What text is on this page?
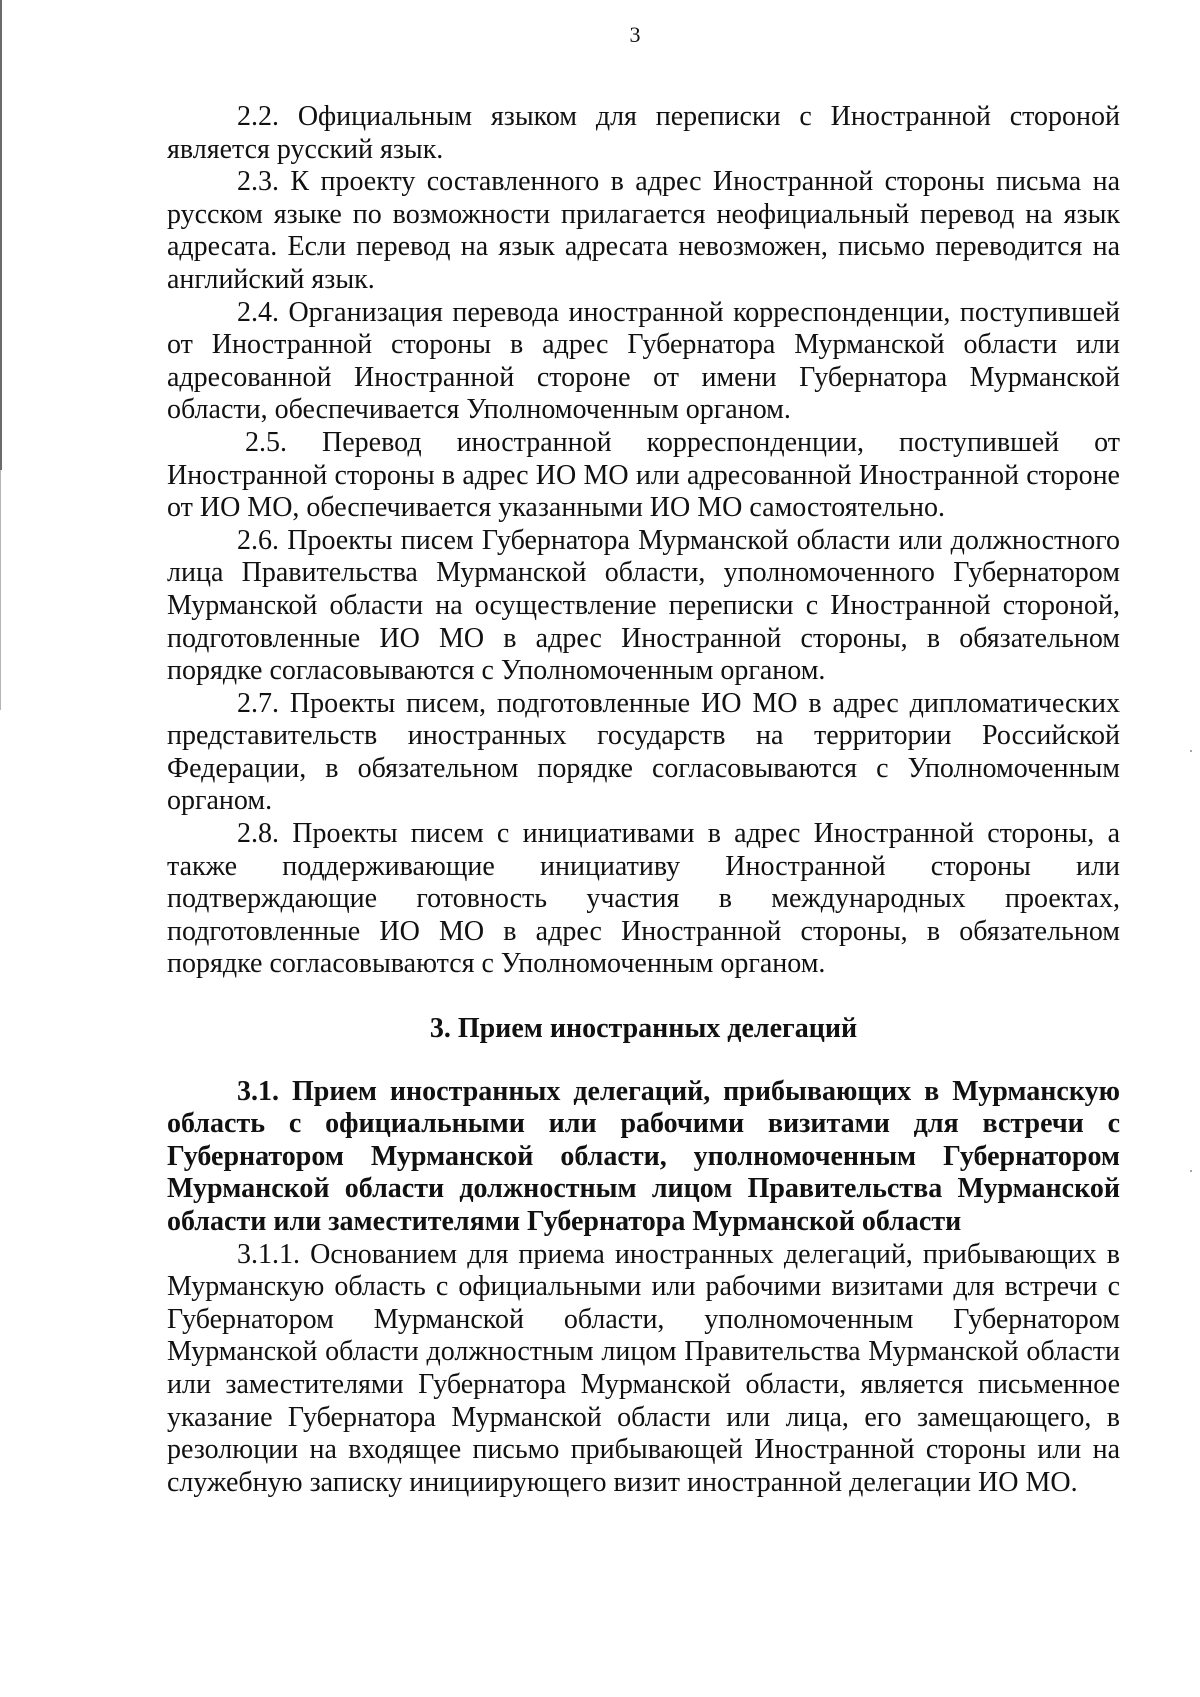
3

2.2. Официальным языком для переписки с Иностранной стороной является русский язык.

2.3. К проекту составленного в адрес Иностранной стороны письма на русском языке по возможности прилагается неофициальный перевод на язык адресата. Если перевод на язык адресата невозможен, письмо переводится на английский язык.

2.4. Организация перевода иностранной корреспонденции, поступившей от Иностранной стороны в адрес Губернатора Мурманской области или адресованной Иностранной стороне от имени Губернатора Мурманской области, обеспечивается Уполномоченным органом.

2.5. Перевод иностранной корреспонденции, поступившей от Иностранной стороны в адрес ИО МО или адресованной Иностранной стороне от ИО МО, обеспечивается указанными ИО МО самостоятельно.

2.6. Проекты писем Губернатора Мурманской области или должностного лица Правительства Мурманской области, уполномоченного Губернатором Мурманской области на осуществление переписки с Иностранной стороной, подготовленные ИО МО в адрес Иностранной стороны, в обязательном порядке согласовываются с Уполномоченным органом.

2.7. Проекты писем, подготовленные ИО МО в адрес дипломатических представительств иностранных государств на территории Российской Федерации, в обязательном порядке согласовываются с Уполномоченным органом.

2.8. Проекты писем с инициативами в адрес Иностранной стороны, а также поддерживающие инициативу Иностранной стороны или подтверждающие готовность участия в международных проектах, подготовленные ИО МО в адрес Иностранной стороны, в обязательном порядке согласовываются с Уполномоченным органом.

3. Прием иностранных делегаций

3.1. Прием иностранных делегаций, прибывающих в Мурманскую область с официальными или рабочими визитами для встречи с Губернатором Мурманской области, уполномоченным Губернатором Мурманской области должностным лицом Правительства Мурманской области или заместителями Губернатора Мурманской области

3.1.1. Основанием для приема иностранных делегаций, прибывающих в Мурманскую область с официальными или рабочими визитами для встречи с Губернатором Мурманской области, уполномоченным Губернатором Мурманской области должностным лицом Правительства Мурманской области или заместителями Губернатора Мурманской области, является письменное указание Губернатора Мурманской области или лица, его замещающего, в резолюции на входящее письмо прибывающей Иностранной стороны или на служебную записку инициирующего визит иностранной делегации ИО МО.
